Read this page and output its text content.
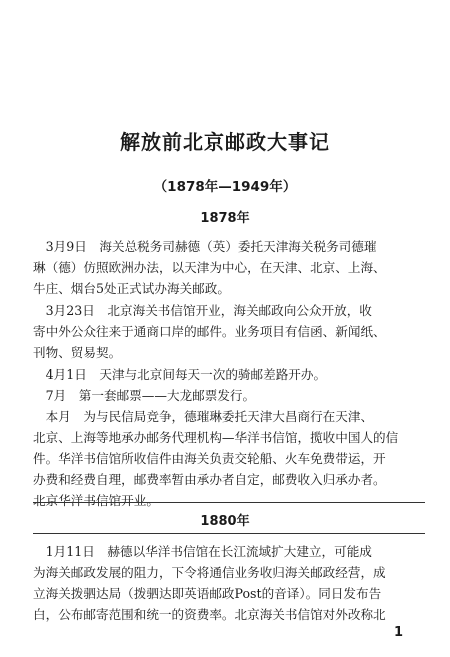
解放前北京邮政大事记
（1878年—1949年）
1878年
　3月9日　海关总税务司赫德（英）委托天津海关税务司德璀
琳（德）仿照欧洲办法，以天津为中心，在天津、北京、上海、
牛庄、烟台5处正式试办海关邮政。
　3月23日　北京海关书信馆开业，海关邮政向公众开放，收
寄中外公众往来于通商口岸的邮件。业务项目有信函、新闻纸、
刊物、贸易契。
　4月1日　天津与北京间每天一次的骑邮差路开办。
　7月　第一套邮票——大龙邮票发行。
　本月　为与民信局竞争，德璀琳委托天津大昌商行在天津、
北京、上海等地承办邮务代理机构—华洋书信馆，揽收中国人的信
件。华洋书信馆所收信件由海关负责交轮船、火车免费带运，开
办费和经费自理，邮费率暂由承办者自定，邮费收入归承办者。
北京华洋书信馆开业。
1880年
　1月11日　赫德以华洋书信馆在长江流域扩大建立，可能成
为海关邮政发展的阻力，下令将通信业务收归海关邮政经营，成
立海关拨驷达局（拨驷达即英语邮政Post的音译）。同日发布告
白，公布邮寄范围和统一的资费率。北京海关书信馆对外改称北
1
